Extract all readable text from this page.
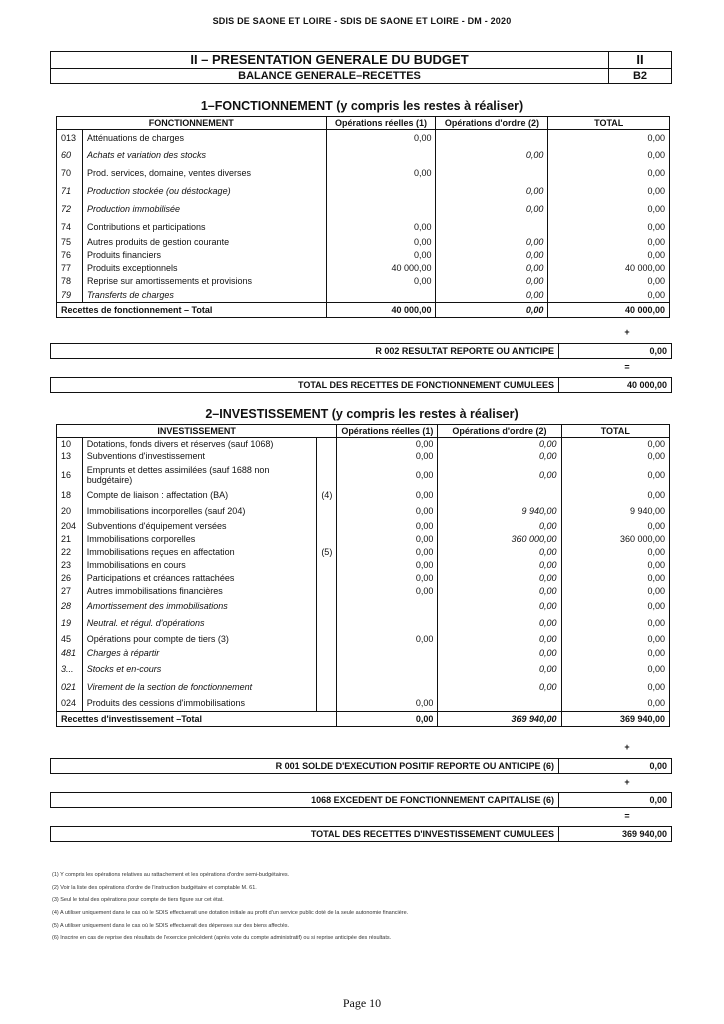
SDIS DE SAONE ET LOIRE - SDIS DE SAONE ET LOIRE - DM - 2020
II – PRESENTATION GENERALE DU BUDGET	II
BALANCE GENERALE–RECETTES	B2
1–FONCTIONNEMENT (y compris les restes à réaliser)
FONCTIONNEMENT		Opérations réelles (1)	Opérations d'ordre (2)	TOTAL
013	Atténuations de charges	0,00		0,00
60	Achats et variation des stocks		0,00	0,00
70	Prod. services, domaine, ventes diverses	0,00		0,00
71	Production stockée (ou déstockage)		0,00	0,00
72	Production immobilisée		0,00	0,00
74	Contributions et participations	0,00		0,00
75	Autres produits de gestion courante	0,00	0,00	0,00
76	Produits financiers	0,00	0,00	0,00
77	Produits exceptionnels	40 000,00	0,00	40 000,00
78	Reprise sur amortissements et provisions	0,00	0,00	0,00
79	Transferts de charges		0,00	0,00
Recettes de fonctionnement – Total		40 000,00	0,00	40 000,00
+
R 002 RESULTAT REPORTE OU ANTICIPE	0,00
=
TOTAL DES RECETTES DE FONCTIONNEMENT CUMULEES	40 000,00
2–INVESTISSEMENT (y compris les restes à réaliser)
INVESTISSEMENT			Opérations réelles (1)	Opérations d'ordre (2)	TOTAL
10	Dotations, fonds divers et réserves (sauf 1068)		0,00	0,00	0,00
13	Subventions d'investissement		0,00	0,00	0,00
16	Emprunts et dettes assimilées (sauf 1688 non budgétaire)		0,00	0,00	0,00
18	Compte de liaison : affectation (BA)	(4)	0,00		0,00
20	Immobilisations incorporelles (sauf 204)		0,00	9 940,00	9 940,00
204	Subventions d'équipement versées		0,00	0,00	0,00
21	Immobilisations corporelles		0,00	360 000,00	360 000,00
22	Immobilisations reçues en affectation	(5)	0,00	0,00	0,00
23	Immobilisations en cours		0,00	0,00	0,00
26	Participations et créances rattachées		0,00	0,00	0,00
27	Autres immobilisations financières		0,00	0,00	0,00
28	Amortissement des immobilisations			0,00	0,00
19	Neutral. et régul. d'opérations			0,00	0,00
45	Opérations pour compte de tiers (3)		0,00	0,00	0,00
481	Charges à répartir			0,00	0,00
3...	Stocks et en-cours			0,00	0,00
021	Virement de la section de fonctionnement			0,00	0,00
024	Produits des cessions d'immobilisations		0,00		0,00
Recettes d'investissement –Total			0,00	369 940,00	369 940,00
+
R 001 SOLDE D'EXECUTION POSITIF REPORTE OU ANTICIPE (6)	0,00
+
1068 EXCEDENT DE FONCTIONNEMENT CAPITALISE (6)	0,00
=
TOTAL DES RECETTES D'INVESTISSEMENT CUMULEES	369 940,00
(1) Y compris les opérations relatives au rattachement et les opérations d'ordre semi-budgétaires.
(2) Voir la liste des opérations d'ordre de l'instruction budgétaire et comptable M. 61.
(3) Seul le total des opérations pour compte de tiers figure sur cet état.
(4) A utiliser uniquement dans le cas où le SDIS effectuerait une dotation initiale au profit d'un service public doté de la seule autonomie financière.
(5) A utiliser uniquement dans le cas où le SDIS effectuerait des dépenses sur des biens affectés.
(6) Inscrire en cas de reprise des résultats de l'exercice précédent (après vote du compte administratif) ou si reprise anticipée des résultats.
Page 10
